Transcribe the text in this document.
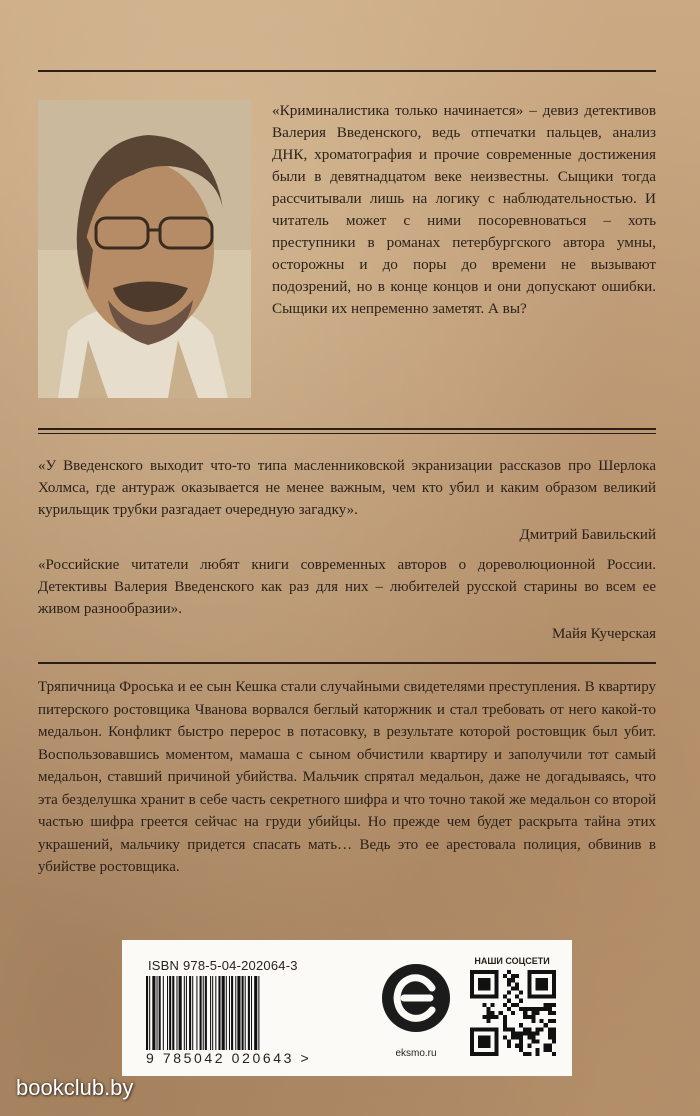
«Криминалистика только начинается» – девиз детективов Валерия Введенского, ведь отпечатки пальцев, анализ ДНК, хроматография и прочие современные достижения были в девятнадцатом веке неизвестны. Сыщики тогда рассчитывали лишь на логику с наблюдательностью. И читатель может с ними посоревноваться – хоть преступники в романах петербургского автора умны, осторожны и до поры до времени не вызывают подозрений, но в конце концов и они допускают ошибки. Сыщики их непременно заметят. А вы?

«У Введенского выходит что-то типа масленниковской экранизации рассказов про Шерлока Холмса, где антураж оказывается не менее важным, чем кто убил и каким образом великий курильщик трубки разгадает очередную загадку».

Дмитрий Бавильский

«Российские читатели любят книги современных авторов о дореволюционной России. Детективы Валерия Введенского как раз для них – любителей русской старины во всем ее живом разнообразии».

Майя Кучерская

Тряпичница Фроська и ее сын Кешка стали случайными свидетелями преступления. В квартиру питерского ростовщика Чванова ворвался беглый каторжник и стал требовать от него какой-то медальон. Конфликт быстро перерос в потасовку, в результате которой ростовщик был убит. Воспользовавшись моментом, мамаша с сыном обчистили квартиру и заполучили тот самый медальон, ставший причиной убийства. Мальчик спрятал медальон, даже не догадываясь, что эта безделушка хранит в себе часть секретного шифра и что точно такой же медальон со второй частью шифра греется сейчас на груди убийцы. Но прежде чем будет раскрыта тайна этих украшений, мальчику придется спасать мать… Ведь это ее арестовала полиция, обвинив в убийстве ростовщика.
ISBN 978-5-04-202064-3
9 785042 020643 >	eksmo.ru
НАШИ СОЦСЕТИ
bookclub.by
